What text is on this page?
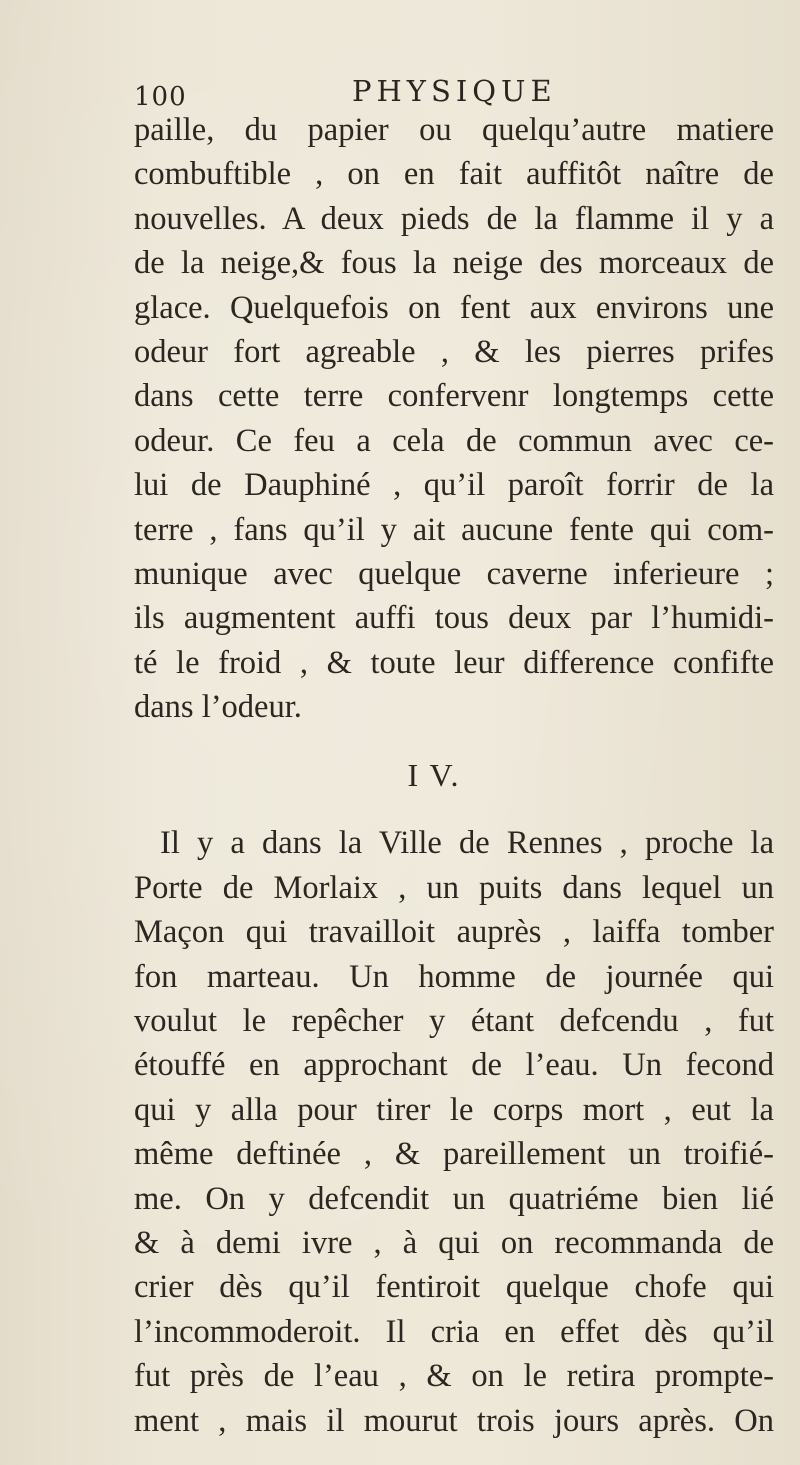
100	PHYSIQUE
paille, du papier ou quelqu’autre matiere
combuftible , on en fait auffitôt naître de
nouvelles. A deux pieds de la flamme il y a
de la neige,& fous la neige des morceaux de
glace. Quelquefois on fent aux environs une
odeur fort agreable , & les pierres prifes
dans cette terre confervenr longtemps cette
odeur. Ce feu a cela de commun avec ce-
lui de Dauphiné , qu’il paroît forrir de la
terre , fans qu’il y ait aucune fente qui com-
munique avec quelque caverne inferieure ;
ils augmentent auffi tous deux par l’humidi-
té le froid , & toute leur difference confifte
dans l’odeur.
I V.
Il y a dans la Ville de Rennes , proche la
Porte de Morlaix , un puits dans lequel un
Maçon qui travailloit auprès , laiffa tomber
fon marteau. Un homme de journée qui
voulut le repêcher y étant defcendu , fut
étouffé en approchant de l’eau. Un fecond
qui y alla pour tirer le corps mort , eut la
même deftinée , & pareillement un troifié-
me. On y defcendit un quatriéme bien lié
& à demi ivre , à qui on recommanda de
crier dès qu’il fentiroit quelque chofe qui
l’incommoderoit. Il cria en effet dès qu’il
fut près de l’eau , & on le retira prompte-
ment , mais il mourut trois jours après. On
